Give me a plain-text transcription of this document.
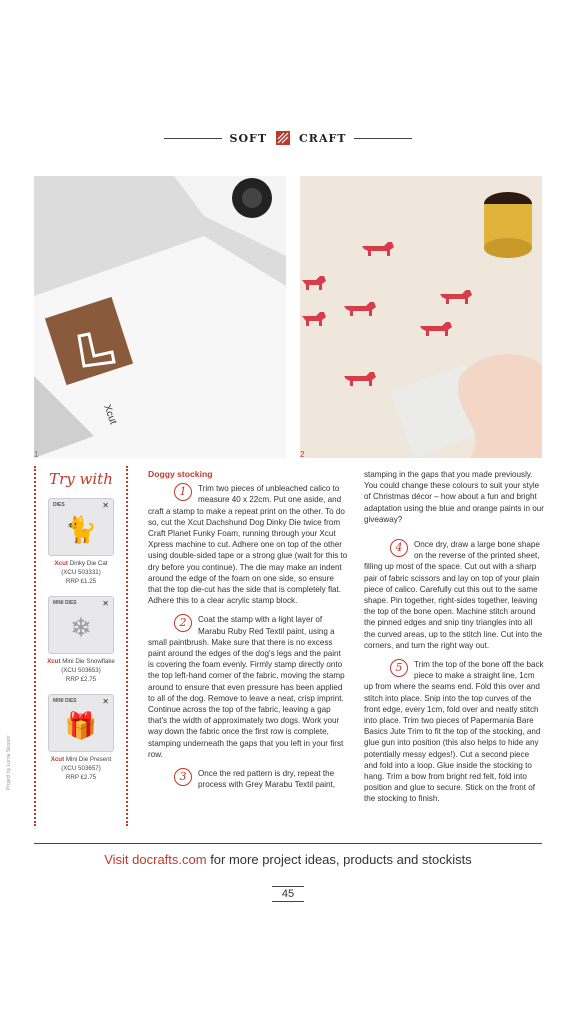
SOFT	CRAFT
Xcut
1	2
Try with
DIES	✕
🐈
Xcut Dinky Die Cat
(XCU 503331)
RRP £1.25
MINI DIES	✕
❄
Xcut Mini Die Snowflake
(XCU 503653)
RRP £2.75
MINI DIES	✕
🎁
Xcut Mini Die Present
(XCU 503657)
RRP £2.75
Project by Lorna Slessor
Doggy stocking
1	Trim two pieces of unbleached calico to measure 40 x 22cm. Put one aside, and craft a stamp to make a repeat print on the other. To do so, cut the Xcut Dachshund Dog Dinky Die twice from Craft Planet Funky Foam, running through your Xcut Xpress machine to cut. Adhere one on top of the other using double-sided tape or a strong glue (wait for this to dry before you continue). The die may make an indent around the edge of the foam on one side, so ensure that the top die-cut has the side that is completely flat. Adhere this to a clear acrylic stamp block.

2	Coat the stamp with a light layer of Marabu Ruby Red Textil paint, using a small paintbrush. Make sure that there is no excess paint around the edges of the dog's legs and the paint is covering the foam evenly. Firmly stamp directly onto the top left-hand corner of the fabric, moving the stamp around to ensure that even pressure has been applied to all of the dog. Remove to leave a neat, crisp imprint. Continue across the top of the fabric, leaving a gap that's the width of approximately two dogs. Work your way down the fabric once the first row is complete, stamping underneath the gaps that you left in your first row.

3	Once the red pattern is dry, repeat the process with Grey Marabu Textil paint,

stamping in the gaps that you made previously. You could change these colours to suit your style of Christmas décor – how about a fun and bright adaptation using the blue and orange paints in our giveaway?

4	Once dry, draw a large bone shape on the reverse of the printed sheet, filling up most of the space. Cut out with a sharp pair of fabric scissors and lay on top of your plain piece of calico. Carefully cut this out to the same shape. Pin together, right-sides together, leaving the top of the bone open. Machine stitch around the pinned edges and snip tiny triangles into all the curved areas, up to the stitch line. Cut into the corners, and turn the right way out.

5	Trim the top of the bone off the back piece to make a straight line, 1cm up from where the seams end. Fold this over and stitch into place. Snip into the top curves of the front edge, every 1cm, fold over and neatly stitch into place. Trim two pieces of Papermania Bare Basics Jute Trim to fit the top of the stocking, and glue gun into position (this also helps to hide any potentially messy edges!). Cut a second piece and fold into a loop. Glue inside the stocking to hang. Trim a bow from bright red felt, fold into position and glue to secure. Stick on the front of the stocking to finish.

Visit docrafts.com for more project ideas, products and stockists
45
